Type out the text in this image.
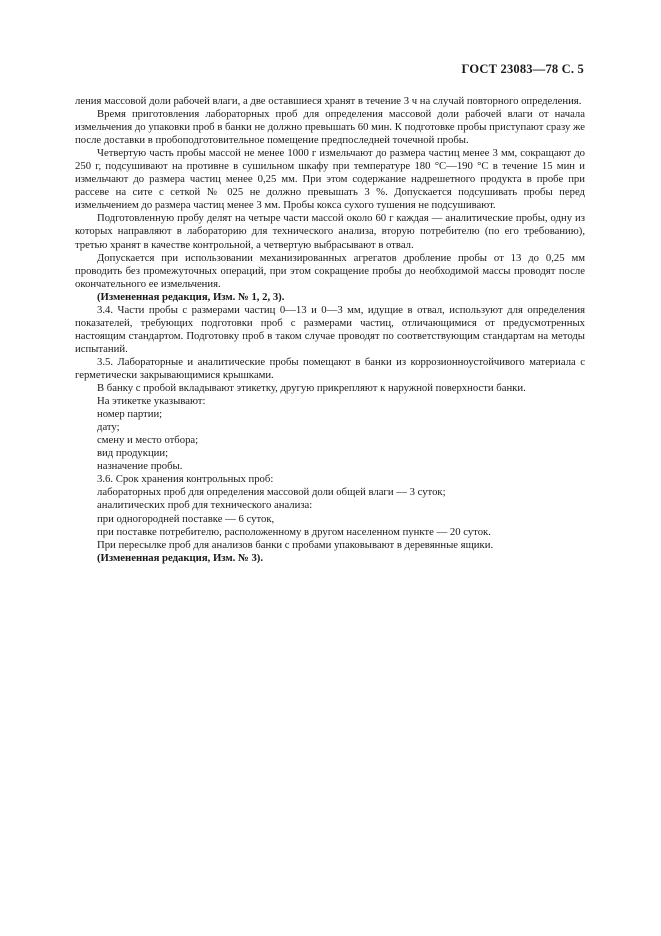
ГОСТ 23083—78 С. 5

ления массовой доли рабочей влаги, а две оставшиеся хранят в течение 3 ч на случай повторного определения.

Время приготовления лабораторных проб для определения массовой доли рабочей влаги от начала измельчения до упаковки проб в банки не должно превышать 60 мин. К подготовке пробы приступают сразу же после доставки в пробоподготовительное помещение предпоследней точечной пробы.

Четвертую часть пробы массой не менее 1000 г измельчают до размера частиц менее 3 мм, сокращают до 250 г, подсушивают на противне в сушильном шкафу при температуре 180 °С—190 °С в течение 15 мин и измельчают до размера частиц менее 0,25 мм. При этом содержание надрешетного продукта в пробе при рассеве на сите с сеткой № 025 не должно превышать 3 %. Допускается подсушивать пробы перед измельчением до размера частиц менее 3 мм. Пробы кокса сухого тушения не подсушивают.

Подготовленную пробу делят на четыре части массой около 60 г каждая — аналитические пробы, одну из которых направляют в лабораторию для технического анализа, вторую потребителю (по его требованию), третью хранят в качестве контрольной, а четвертую выбрасывают в отвал.

Допускается при использовании механизированных агрегатов дробление пробы от 13 до 0,25 мм проводить без промежуточных операций, при этом сокращение пробы до необходимой массы проводят после окончательного ее измельчения.

(Измененная редакция, Изм. № 1, 2, 3).

3.4. Части пробы с размерами частиц 0—13 и 0—3 мм, идущие в отвал, используют для определения показателей, требующих подготовки проб с размерами частиц, отличающимися от предусмотренных настоящим стандартом. Подготовку проб в таком случае проводят по соответствующим стандартам на методы испытаний.

3.5. Лабораторные и аналитические пробы помещают в банки из коррозионноустойчивого материала с герметически закрывающимися крышками.

В банку с пробой вкладывают этикетку, другую прикрепляют к наружной поверхности банки.

На этикетке указывают:

номер партии;

дату;

смену и место отбора;

вид продукции;

назначение пробы.

3.6. Срок хранения контрольных проб:

лабораторных проб для определения массовой доли общей влаги — 3 суток;

аналитических проб для технического анализа:

при одногородней поставке — 6 суток,

при поставке потребителю, расположенному в другом населенном пункте — 20 суток.

При пересылке проб для анализов банки с пробами упаковывают в деревянные ящики.

(Измененная редакция, Изм. № 3).
